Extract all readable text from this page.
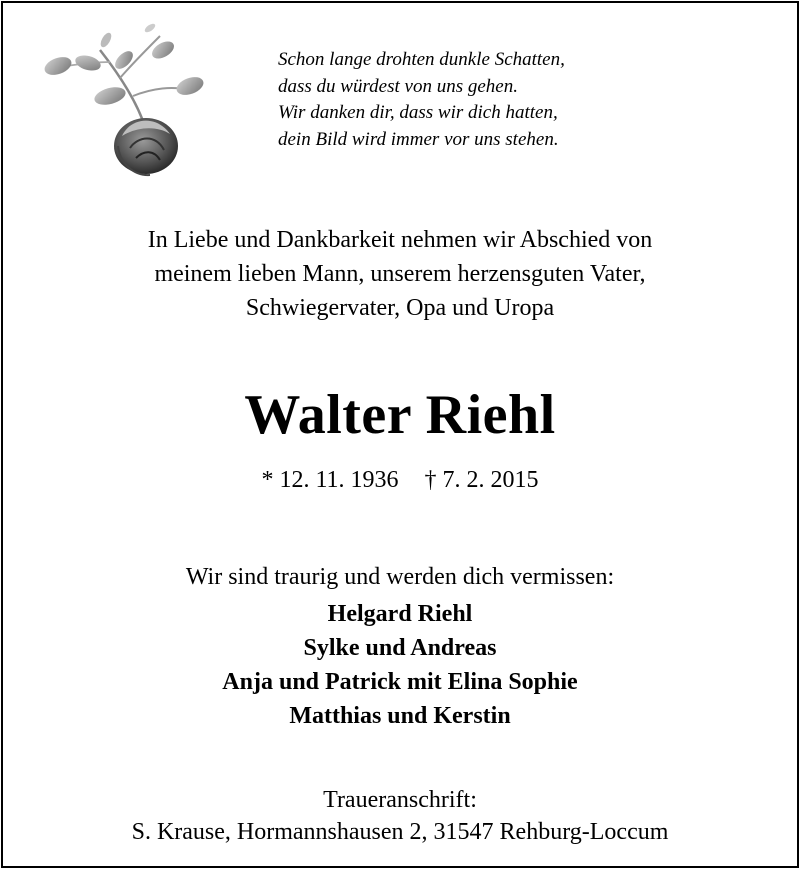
Schon lange drohten dunkle Schatten,
dass du würdest von uns gehen.
Wir danken dir, dass wir dich hatten,
dein Bild wird immer vor uns stehen.
In Liebe und Dankbarkeit nehmen wir Abschied von
meinem lieben Mann, unserem herzensguten Vater,
Schwiegervater, Opa und Uropa
Walter Riehl
* 12. 11. 1936 † 7. 2. 2015
Wir sind traurig und werden dich vermissen:
Helgard Riehl
Sylke und Andreas
Anja und Patrick mit Elina Sophie
Matthias und Kerstin
Traueranschrift:
S. Krause, Hormannshausen 2, 31547 Rehburg-Loccum
